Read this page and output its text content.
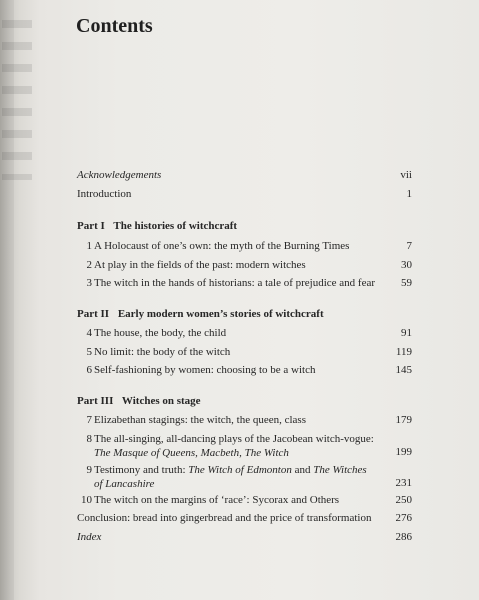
Contents
Acknowledgements	vii
Introduction	1
Part I The histories of witchcraft
1 A Holocaust of one’s own: the myth of the Burning Times	7
2 At play in the fields of the past: modern witches	30
3 The witch in the hands of historians: a tale of prejudice and fear	59
Part II Early modern women’s stories of witchcraft
4 The house, the body, the child	91
5 No limit: the body of the witch	119
6 Self-fashioning by women: choosing to be a witch	145
Part III Witches on stage
7 Elizabethan stagings: the witch, the queen, class	179
8 The all-singing, all-dancing plays of the Jacobean witch-vogue:
The Masque of Queens, Macbeth, The Witch	199
9 Testimony and truth: The Witch of Edmonton and The Witches
of Lancashire	231
10 The witch on the margins of ‘race’: Sycorax and Others	250
Conclusion: bread into gingerbread and the price of transformation	276
Index	286
